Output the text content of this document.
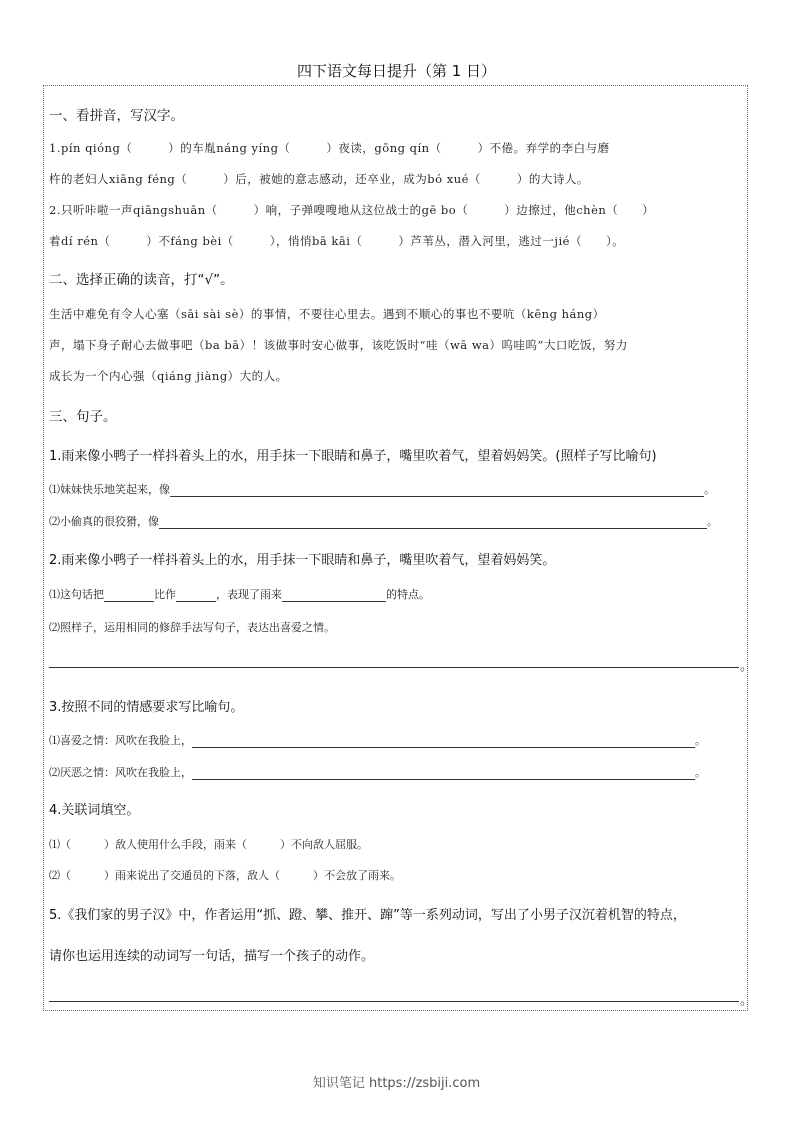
四下语文每日提升（第 1 日）
一、看拼音，写汉字。
1.pín qióng（　　　）的车胤náng yíng（　　　）夜读，gōng qín（　　　）不倦。弃学的李白与磨
杵的老妇人xiāng féng（　　　）后，被她的意志感动，还卒业，成为bó xué（　　　）的大诗人。
2.只听咔啦一声qiāngshuān（　　　）响，子弹嗖嗖地从这位战士的gē bo（　　　）边擦过，他chèn（　　）
着dí rén（　　　）不fáng bèi（　　　），悄悄bā kāi（　　　）芦苇丛，潜入河里，逃过一jié（　　）。
二、选择正确的读音，打“√”。
生活中难免有令人心塞（sāi sài sè）的事情，不要往心里去。遇到不顺心的事也不要吭（kēng háng）
声，塌下身子耐心去做事吧（ba bā）！该做事时安心做事，该吃饭时“哇（wā wa）呜哇呜”大口吃饭，努力
成长为一个内心强（qiáng jiàng）大的人。
三、句子。
1.雨来像小鸭子一样抖着头上的水，用手抹一下眼睛和鼻子，嘴里吹着气，望着妈妈笑。(照样子写比喻句)
⑴妹妹快乐地笑起来，像	。
⑵小偷真的很狡猾，像	。
2.雨来像小鸭子一样抖着头上的水，用手抹一下眼睛和鼻子，嘴里吹着气，望着妈妈笑。
⑴这句话把	比作	，表现了雨来	的特点。
⑵照样子，运用相同的修辞手法写句子，表达出喜爱之情。
。
3.按照不同的情感要求写比喻句。
⑴喜爱之情：风吹在我脸上，	。
⑵厌恶之情：风吹在我脸上，	。
4.关联词填空。
⑴（　　　）敌人使用什么手段，雨来（　　　）不向敌人屈服。
⑵（　　　）雨来说出了交通员的下落，敌人（　　　）不会放了雨来。
5.《我们家的男子汉》中，作者运用“抓、蹬、攀、推开、蹿”等一系列动词，写出了小男子汉沉着机智的特点，
请你也运用连续的动词写一句话，描写一个孩子的动作。
。
知识笔记 https://zsbiji.com
